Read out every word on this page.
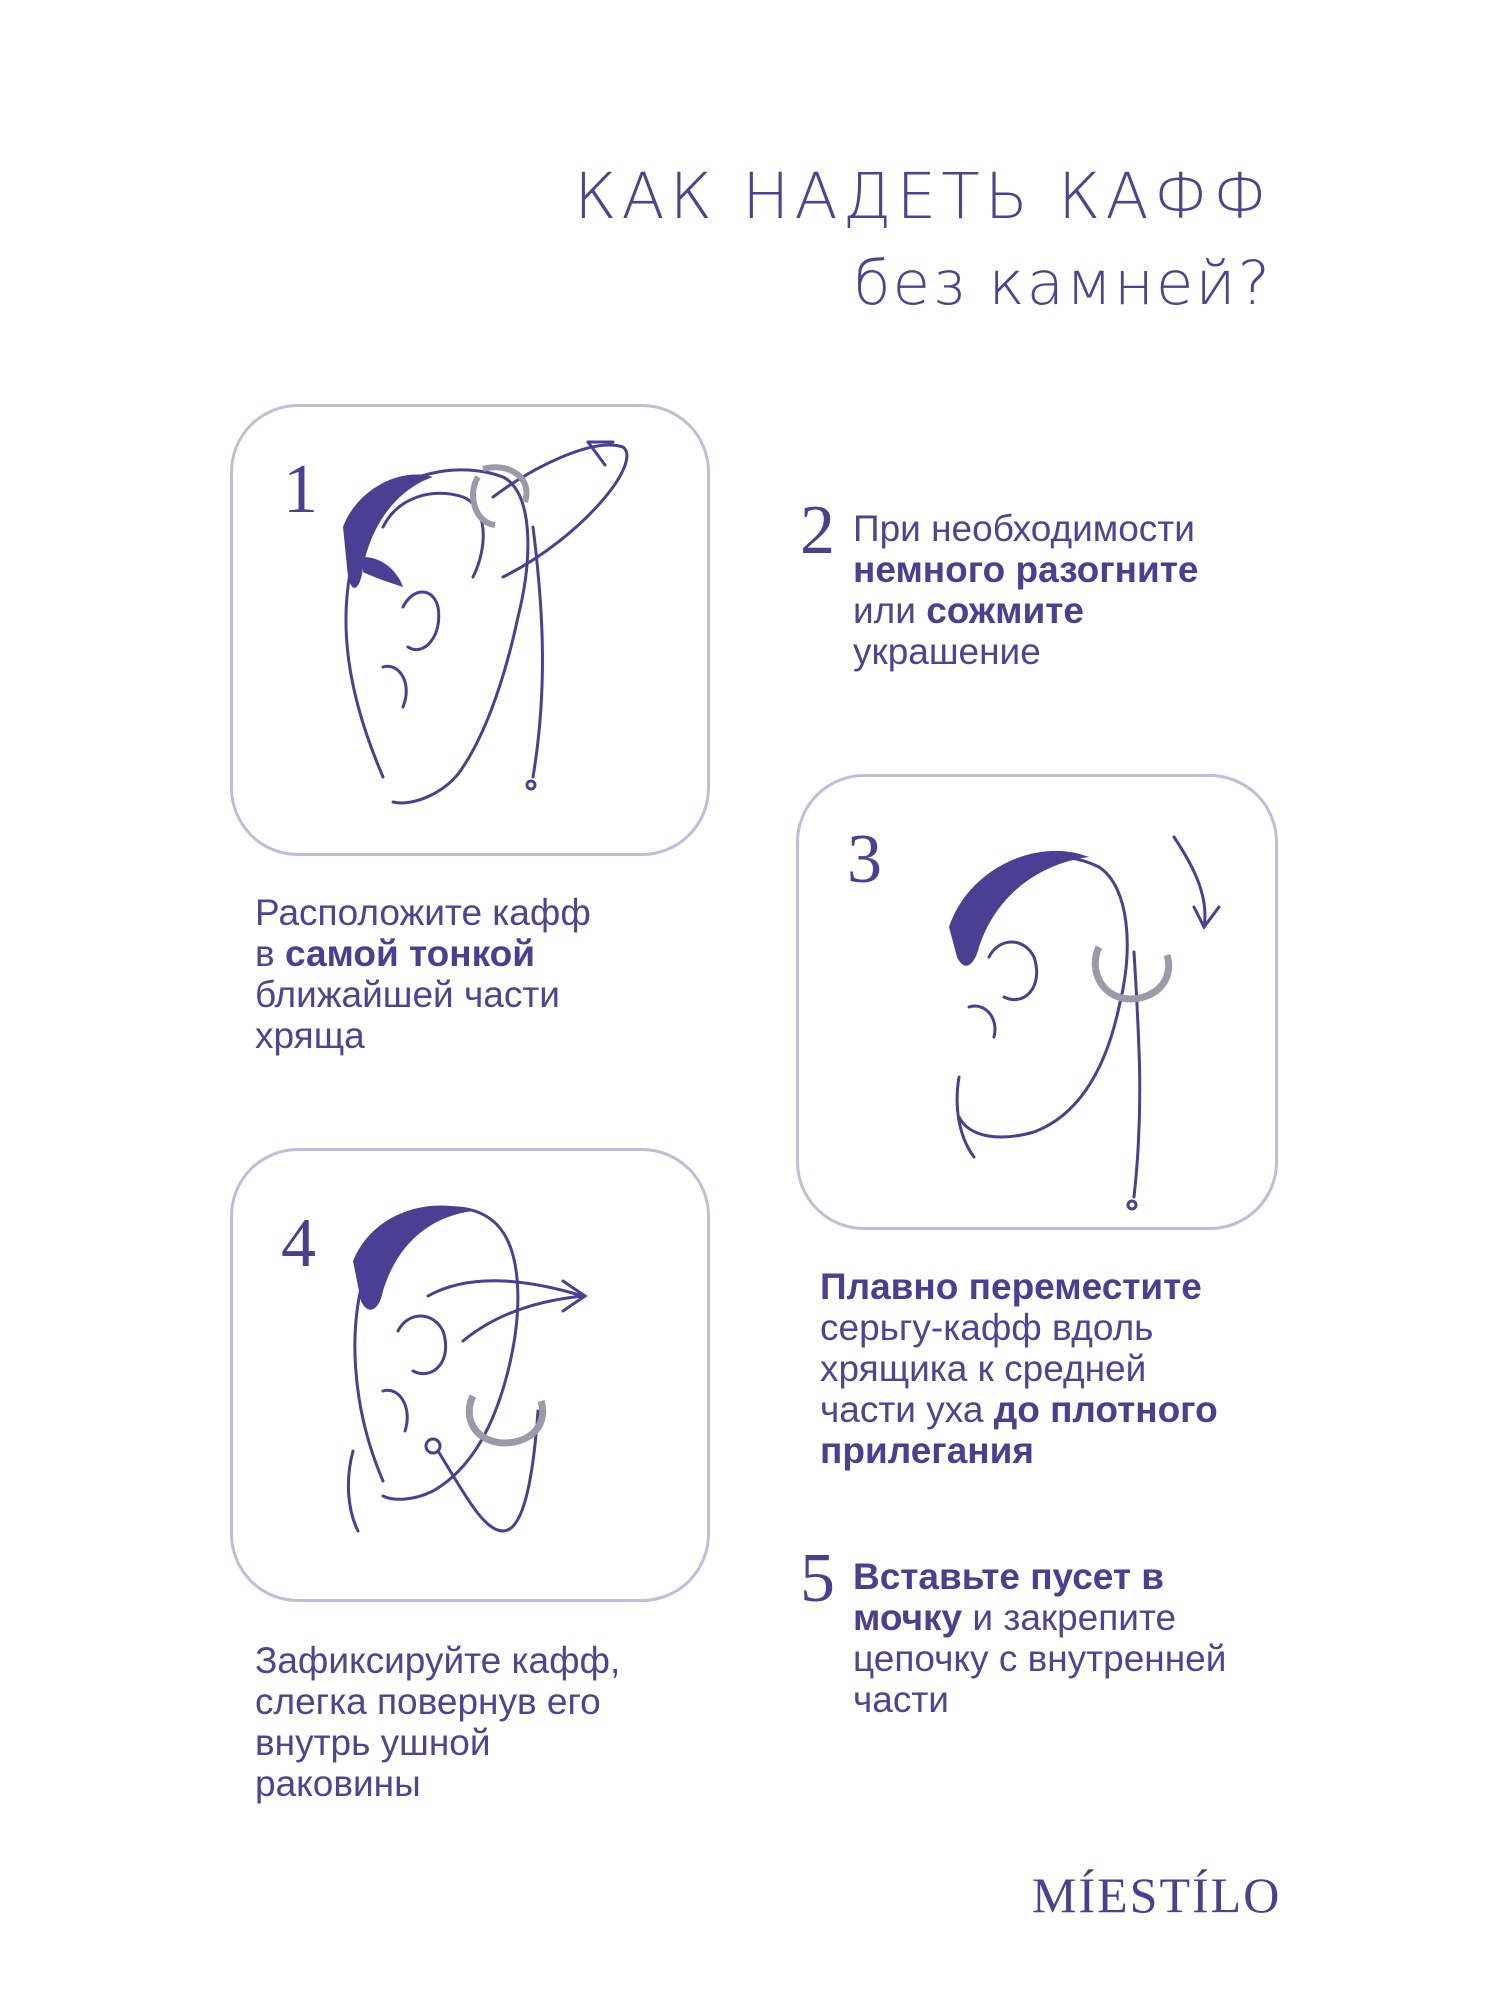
КАК НАДЕТЬ КАФФ
без камней?
1
Расположите кафф
в самой тонкой
ближайшей части
хряща
2 При необходимости
немного разогните
или сожмите
украшение
3
Плавно переместите
серьгу-кафф вдоль
хрящика к средней
части уха до плотного
прилегания
4
Зафиксируйте кафф,
слегка повернув его
внутрь ушной
раковины
5 Вставьте пусет в
мочку и закрепите
цепочку с внутренней
части
MÍESTÍLO
